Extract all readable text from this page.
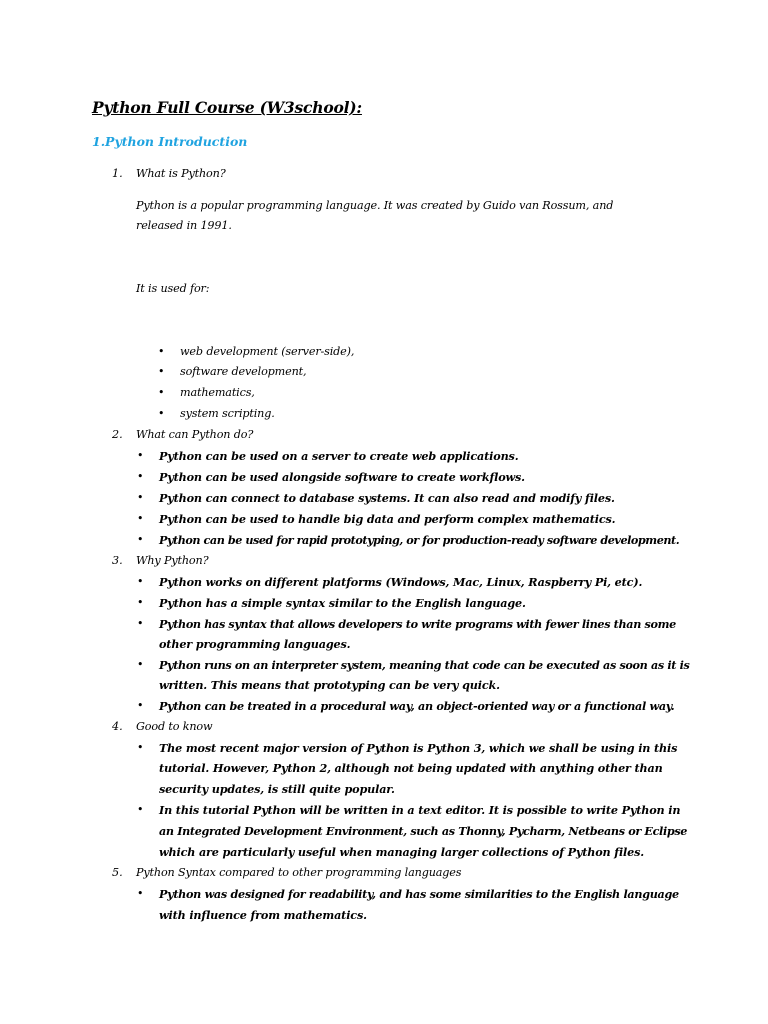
Python Full Course (W3school):
1.Python Introduction
1. What is Python?
Python is a popular programming language. It was created by Guido van Rossum, and
released in 1991.
It is used for:
• web development (server-side),
• software development,
• mathematics,
• system scripting.
2. What can Python do?
• Python can be used on a server to create web applications.
• Python can be used alongside software to create workflows.
• Python can connect to database systems. It can also read and modify files.
• Python can be used to handle big data and perform complex mathematics.
• Python can be used for rapid prototyping, or for production-ready software development.
3. Why Python?
• Python works on different platforms (Windows, Mac, Linux, Raspberry Pi, etc).
• Python has a simple syntax similar to the English language.
• Python has syntax that allows developers to write programs with fewer lines than some
other programming languages.
• Python runs on an interpreter system, meaning that code can be executed as soon as it is
written. This means that prototyping can be very quick.
• Python can be treated in a procedural way, an object-oriented way or a functional way.
4. Good to know
• The most recent major version of Python is Python 3, which we shall be using in this
tutorial. However, Python 2, although not being updated with anything other than
security updates, is still quite popular.
• In this tutorial Python will be written in a text editor. It is possible to write Python in
an Integrated Development Environment, such as Thonny, Pycharm, Netbeans or Eclipse
which are particularly useful when managing larger collections of Python files.
5. Python Syntax compared to other programming languages
• Python was designed for readability, and has some similarities to the English language
with influence from mathematics.
